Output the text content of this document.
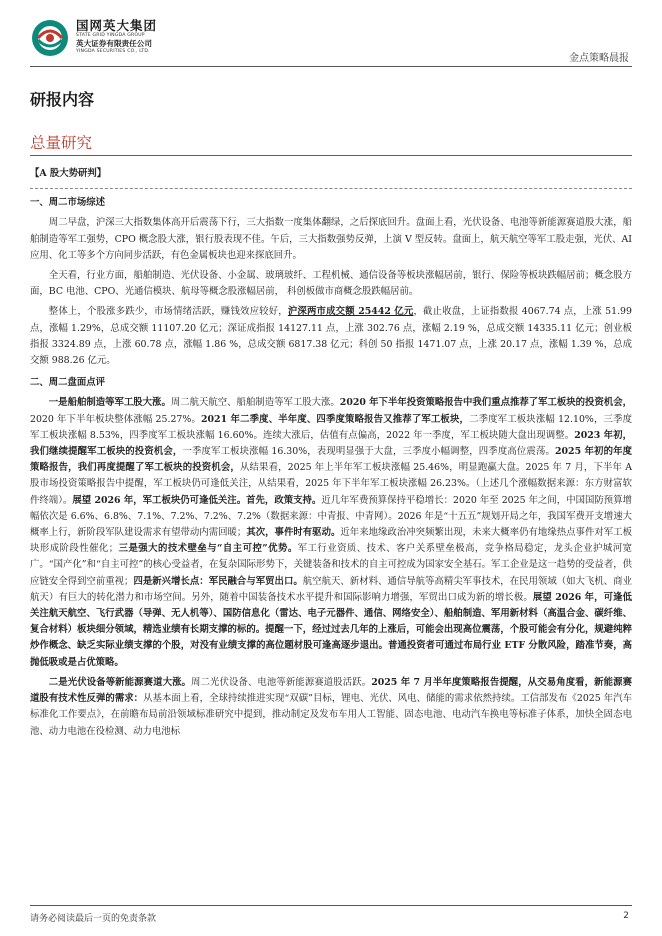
国网英大集团
STATE GRID YINGDA GROUP
英大证券有限责任公司
YINGDA SECURITIES CO., LTD.
金点策略晨报
研报内容
总量研究

【A 股大势研判】

一、周二市场综述

周二早盘，沪深三大指数集体高开后震荡下行，三大指数一度集体翻绿，之后探底回升。盘面上看，光伏设备、电池等新能源赛道股大涨，船舶制造等军工强势，CPO 概念股大涨，银行股表现不佳。午后，三大指数强势反弹，上演 V 型反转。盘面上，航天航空等军工股走强，光伏、AI 应用、化工等多个方向同步活跃，有色金属板块也迎来探底回升。

全天看，行业方面，船舶制造、光伏设备、小金属、玻璃玻纤、工程机械、通信设备等板块涨幅居前，银行、保险等板块跌幅居前；概念股方面，BC 电池、CPO、光通信模块、航母等概念股涨幅居前， 科创板做市商概念股跌幅居前。

整体上，个股涨多跌少，市场情绪活跃，赚钱效应较好，沪深两市成交额 25442 亿元，截止收盘，上证指数报 4067.74 点，上涨 51.99 点，涨幅 1.29%，总成交额 11107.20 亿元；深证成指报 14127.11 点，上涨 302.76 点，涨幅 2.19 %，总成交额 14335.11 亿元；创业板指报 3324.89 点，上涨 60.78 点，涨幅 1.86 %，总成交额 6817.38 亿元；科创 50 指报 1471.07 点，上涨 20.17 点，涨幅 1.39 %，总成交额 988.26 亿元。

二、周二盘面点评

一是船舶制造等军工股大涨。周二航天航空、船舶制造等军工股大涨。2020 年下半年投资策略报告中我们重点推荐了军工板块的投资机会，2020 年下半年板块整体涨幅 25.27%。2021 年二季度、半年度、四季度策略报告又推荐了军工板块，二季度军工板块涨幅 12.10%，三季度军工板块涨幅 8.53%，四季度军工板块涨幅 16.60%。连续大涨后，估值有点偏高，2022 年一季度，军工板块随大盘出现调整。2023 年初，我们继续提醒军工板块的投资机会，一季度军工板块涨幅 16.30%，表现明显强于大盘，三季度小幅调整，四季度高位震荡。2025 年初的年度策略报告，我们再度提醒了军工板块的投资机会，从结果看，2025 年上半年军工板块涨幅 25.46%，明显跑赢大盘。2025 年 7 月，下半年 A 股市场投资策略报告中提醒，军工板块仍可逢低关注，从结果看，2025 年下半年军工板块涨幅 26.23%。（上述几个涨幅数据来源：东方财富软件终端）。展望 2026 年，军工板块仍可逢低关注。首先，政策支持。近几年军费预算保持平稳增长：2020 年至 2025 年之间，中国国防预算增幅依次是 6.6%、6.8%、7.1%、7.2%、7.2%、7.2%（数据来源：中青报、中青网）。2026 年是“十五五”规划开局之年，我国军费开支增速大概率上行，新阶段军队建设需求有望带动内需回暖；其次，事件时有驱动。近年来地缘政治冲突频繁出现，未来大概率仍有地缘热点事件对军工板块形成阶段性催化；三是强大的技术壁垒与“自主可控”优势。军工行业资质、技术、客户关系壁垒极高，竞争格局稳定，龙头企业护城河宽广。“国产化”和“自主可控”的核心受益者，在复杂国际形势下，关键装备和技术的自主可控成为国家安全基石。军工企业是这一趋势的受益者，供应链安全得到空前重视；四是新兴增长点：军民融合与军贸出口。航空航天、新材料、通信导航等高精尖军事技术，在民用领域（如大飞机、商业航天）有巨大的转化潜力和市场空间。另外，随着中国装备技术水平提升和国际影响力增强，军贸出口成为新的增长极。展望 2026 年，可逢低关注航天航空、飞行武器（导弹、无人机等）、国防信息化（雷达、电子元器件、通信、网络安全）、船舶制造、军用新材料（高温合金、碳纤维、复合材料）板块细分领域，精选业绩有长期支撑的标的。提醒一下，经过过去几年的上涨后，可能会出现高位震荡，个股可能会有分化，规避纯粹炒作概念、缺乏实际业绩支撑的个股，对没有业绩支撑的高位题材股可逢高逐步退出。普通投资者可通过布局行业 ETF 分散风险，踏准节奏，高抛低吸或是占优策略。

二是光伏设备等新能源赛道大涨。周二光伏设备、电池等新能源赛道股活跃。2025 年 7 月半年度策略报告提醒，从交易角度看，新能源赛道股有技术性反弹的需求：从基本面上看，全球持续推进实现“双碳”目标，锂电、光伏、风电、储能的需求依然持续。工信部发布《2025 年汽车标准化工作要点》，在前瞻布局前沿领域标准研究中提到，推动制定及发布车用人工智能、固态电池、电动汽车换电等标准子体系，加快全固态电池、动力电池在役检测、动力电池标

请务必阅读最后一页的免责条款	2
